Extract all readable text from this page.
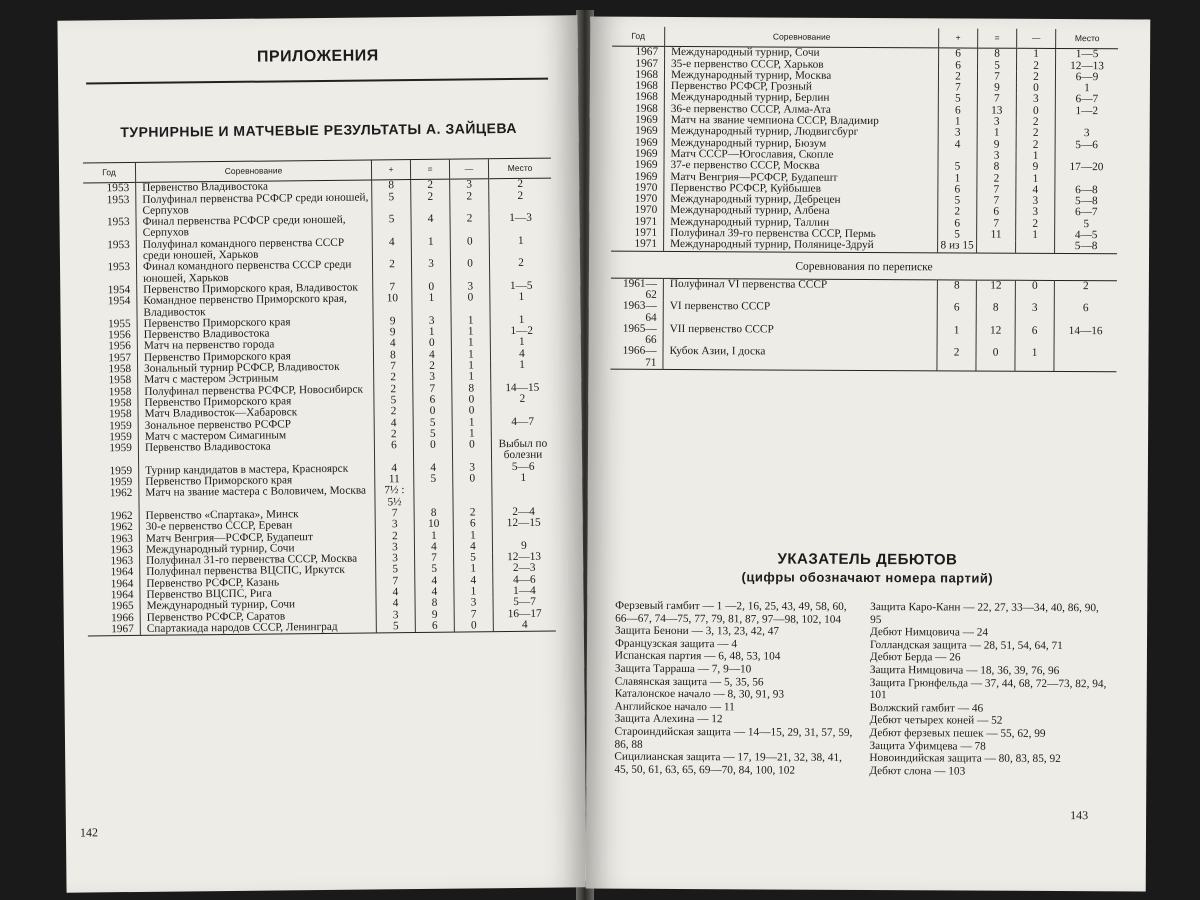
ПРИЛОЖЕНИЯ
ТУРНИРНЫЕ И МАТЧЕВЫЕ РЕЗУЛЬТАТЫ А. ЗАЙЦЕВА
Год	Соревнование	+	=	—	Место
1953	Первенство Владивостока	8	2	3	2
1953	Полуфинал первенства РСФСР среди юношей, Серпухов	5	2	2	2
1953	Финал первенства РСФСР среди юношей, Серпухов	5	4	2	1—3
1953	Полуфинал командного первенства СССР среди юношей, Харьков	4	1	0	1
1953	Финал командного первенства СССР среди юношей, Харьков	2	3	0	2
1954	Первенство Приморского края, Владивосток	7	0	3	1—5
1954	Командное первенство Приморского края, Владивосток	10	1	0	1
1955	Первенство Приморского края	9	3	1	1
1956	Первенство Владивостока	9	1	1	1—2
1956	Матч на первенство города	4	0	1	1
1957	Первенство Приморского края	8	4	1	4
1958	Зональный турнир РСФСР, Владивосток	7	2	1	1
1958	Матч с мастером Эстриным	2	3	1	
1958	Полуфинал первенства РСФСР, Новосибирск	2	7	8	14—15
1958	Первенство Приморского края	5	6	0	2
1958	Матч Владивосток—Хабаровск	2	0	0	
1959	Зональное первенство РСФСР	4	5	1	4—7
1959	Матч с мастером Симагиным	2	5	1	
1959	Первенство Владивостока	6	0	0	Выбыл по болезни
1959	Турнир кандидатов в мастера, Красноярск	4	4	3	5—6
1959	Первенство Приморского края	11	5	0	1
1962	Матч на звание мастера с Воловичем, Москва	7½ : 5½			
1962	Первенство «Спартака», Минск	7	8	2	2—4
1962	30-е первенство СССР, Ереван	3	10	6	12—15
1963	Матч Венгрия—РСФСР, Будапешт	2	1	1	
1963	Международный турнир, Сочи	3	4	4	9
1963	Полуфинал 31-го первенства СССР, Москва	3	7	5	12—13
1964	Полуфинал первенства ВЦСПС, Иркутск	5	5	1	2—3
1964	Первенство РСФСР, Казань	7	4	4	4—6
1964	Первенство ВЦСПС, Рига	4	4	1	1—4
1965	Международный турнир, Сочи	4	8	3	5—7
1966	Первенство РСФСР, Саратов	3	9	7	16—17
1967	Спартакиада народов СССР, Ленинград	5	6	0	4
142
Год	Соревнование	+	=	—	Место
1967	Международный турнир, Сочи	6	8	1	1—5
1967	35-е первенство СССР, Харьков	6	5	2	12—13
1968	Международный турнир, Москва	2	7	2	6—9
1968	Первенство РСФСР, Грозный	7	9	0	1
1968	Международный турнир, Берлин	5	7	3	6—7
1968	36-е первенство СССР, Алма-Ата	6	13	0	1—2
1969	Матч на звание чемпиона СССР, Владимир	1	3	2	
1969	Международный турнир, Людвигсбург	3	1	2	3
1969	Международный турнир, Бюзум	4	9	2	5—6
1969	Матч СССР—Югославия, Скопле		3	1	
1969	37-е первенство СССР, Москва	5	8	9	17—20
1969	Матч Венгрия—РСФСР, Будапешт	1	2	1	
1970	Первенство РСФСР, Куйбышев	6	7	4	6—8
1970	Международный турнир, Дебрецен	5	7	3	5—8
1970	Международный турнир, Албена	2	6	3	6—7
1971	Международный турнир, Таллин	6	7	2	5
1971	Полуфинал 39-го первенства СССР, Пермь	5	11	1	4—5
1971	Международный турнир, Полянице-Здруй	8 из 15			5—8
Соревнования по переписке
1961—62	Полуфинал VI первенства СССР	8	12	0	2
1963—64	VI первенство СССР	6	8	3	6
1965—66	VII первенство СССР	1	12	6	14—16
1966—71	Кубок Азии, I доска	2	0	1	
УКАЗАТЕЛЬ ДЕБЮТОВ
(цифры обозначают номера партий)
Ферзевый гамбит — 1 —2, 16, 25, 43, 49, 58, 60, 66—67, 74—75, 77, 79, 81, 87, 97—98, 102, 104
Защита Бенони — 3, 13, 23, 42, 47
Французская защита — 4
Испанская партия — 6, 48, 53, 104
Защита Тарраша — 7, 9—10
Славянская защита — 5, 35, 56
Каталонское начало — 8, 30, 91, 93
Английское начало — 11
Защита Алехина — 12
Староиндийская защита — 14—15, 29, 31, 57, 59, 86, 88
Сицилианская защита — 17, 19—21, 32, 38, 41, 45, 50, 61, 63, 65, 69—70, 84, 100, 102
Защита Каро-Канн — 22, 27, 33—34, 40, 86, 90, 95
Дебют Нимцовича — 24
Голландская защита — 28, 51, 54, 64, 71
Дебют Берда — 26
Защита Нимцовича — 18, 36, 39, 76, 96
Защита Грюнфельда — 37, 44, 68, 72—73, 82, 94, 101
Волжский гамбит — 46
Дебют четырех коней — 52
Дебют ферзевых пешек — 55, 62, 99
Защита Уфимцева — 78
Новоиндийская защита — 80, 83, 85, 92
Дебют слона — 103
143
